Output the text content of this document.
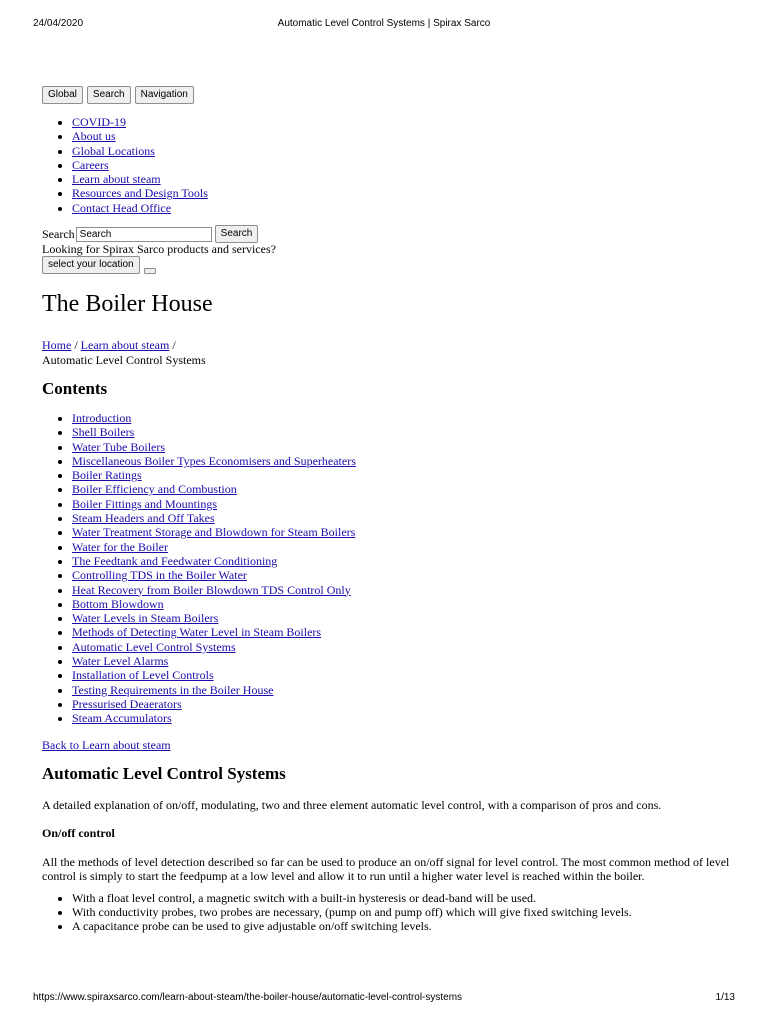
24/04/2020	Automatic Level Control Systems | Spirax Sarco
Global Search Navigation
• COVID-19
• About us
• Global Locations
• Careers
• Learn about steam
• Resources and Design Tools
• Contact Head Office
Search Search	Search
Looking for Spirax Sarco products and services?
select your location
The Boiler House
Home / Learn about steam /
Automatic Level Control Systems
Contents
• Introduction
• Shell Boilers
• Water Tube Boilers
• Miscellaneous Boiler Types Economisers and Superheaters
• Boiler Ratings
• Boiler Efficiency and Combustion
• Boiler Fittings and Mountings
• Steam Headers and Off Takes
• Water Treatment Storage and Blowdown for Steam Boilers
• Water for the Boiler
• The Feedtank and Feedwater Conditioning
• Controlling TDS in the Boiler Water
• Heat Recovery from Boiler Blowdown TDS Control Only
• Bottom Blowdown
• Water Levels in Steam Boilers
• Methods of Detecting Water Level in Steam Boilers
• Automatic Level Control Systems
• Water Level Alarms
• Installation of Level Controls
• Testing Requirements in the Boiler House
• Pressurised Deaerators
• Steam Accumulators
Back to Learn about steam
Automatic Level Control Systems
A detailed explanation of on/off, modulating, two and three element automatic level control, with a comparison of pros and cons.
On/off control
All the methods of level detection described so far can be used to produce an on/off signal for level control. The most common method of level control is simply to start the feedpump at a low level and allow it to run until a higher water level is reached within the boiler.
• With a float level control, a magnetic switch with a built-in hysteresis or dead-band will be used.
• With conductivity probes, two probes are necessary, (pump on and pump off) which will give fixed switching levels.
• A capacitance probe can be used to give adjustable on/off switching levels.
https://www.spiraxsarco.com/learn-about-steam/the-boiler-house/automatic-level-control-systems	1/13
